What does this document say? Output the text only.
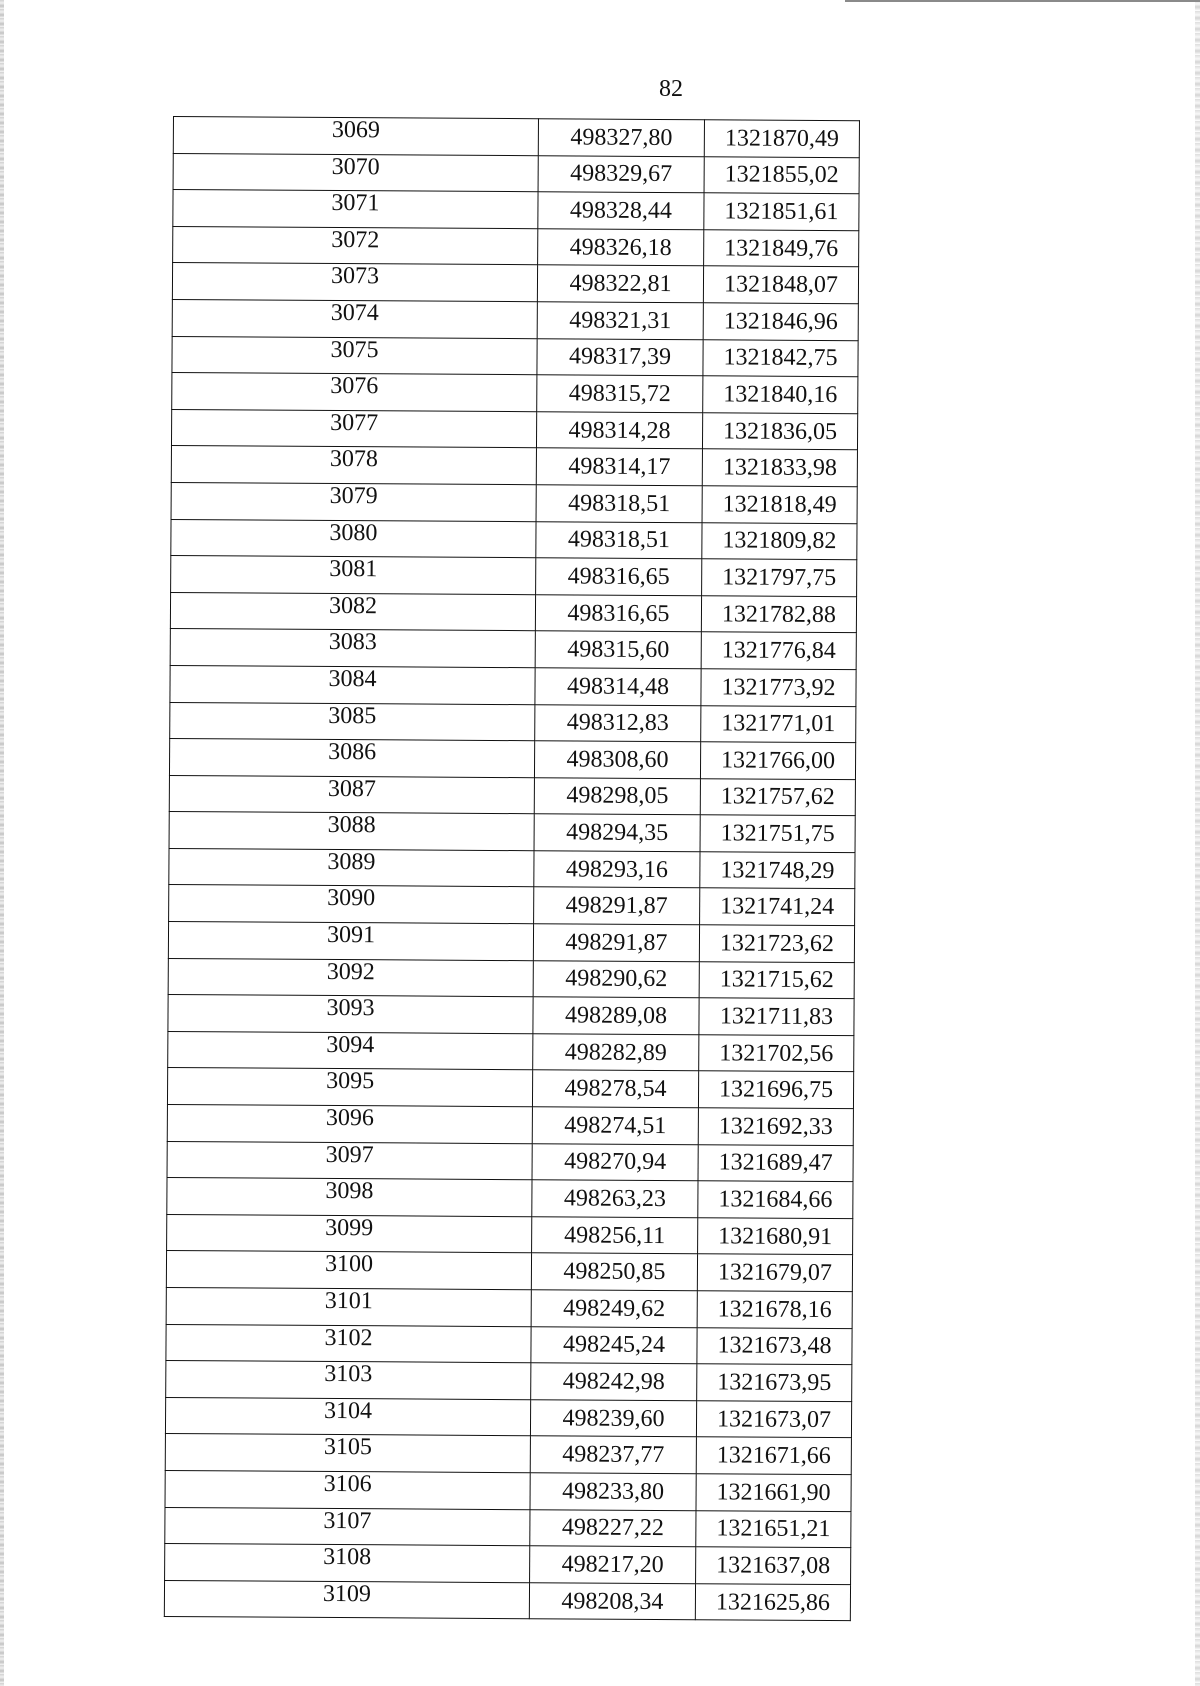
82
3069	498327,80	1321870,49
3070	498329,67	1321855,02
3071	498328,44	1321851,61
3072	498326,18	1321849,76
3073	498322,81	1321848,07
3074	498321,31	1321846,96
3075	498317,39	1321842,75
3076	498315,72	1321840,16
3077	498314,28	1321836,05
3078	498314,17	1321833,98
3079	498318,51	1321818,49
3080	498318,51	1321809,82
3081	498316,65	1321797,75
3082	498316,65	1321782,88
3083	498315,60	1321776,84
3084	498314,48	1321773,92
3085	498312,83	1321771,01
3086	498308,60	1321766,00
3087	498298,05	1321757,62
3088	498294,35	1321751,75
3089	498293,16	1321748,29
3090	498291,87	1321741,24
3091	498291,87	1321723,62
3092	498290,62	1321715,62
3093	498289,08	1321711,83
3094	498282,89	1321702,56
3095	498278,54	1321696,75
3096	498274,51	1321692,33
3097	498270,94	1321689,47
3098	498263,23	1321684,66
3099	498256,11	1321680,91
3100	498250,85	1321679,07
3101	498249,62	1321678,16
3102	498245,24	1321673,48
3103	498242,98	1321673,95
3104	498239,60	1321673,07
3105	498237,77	1321671,66
3106	498233,80	1321661,90
3107	498227,22	1321651,21
3108	498217,20	1321637,08
3109	498208,34	1321625,86
